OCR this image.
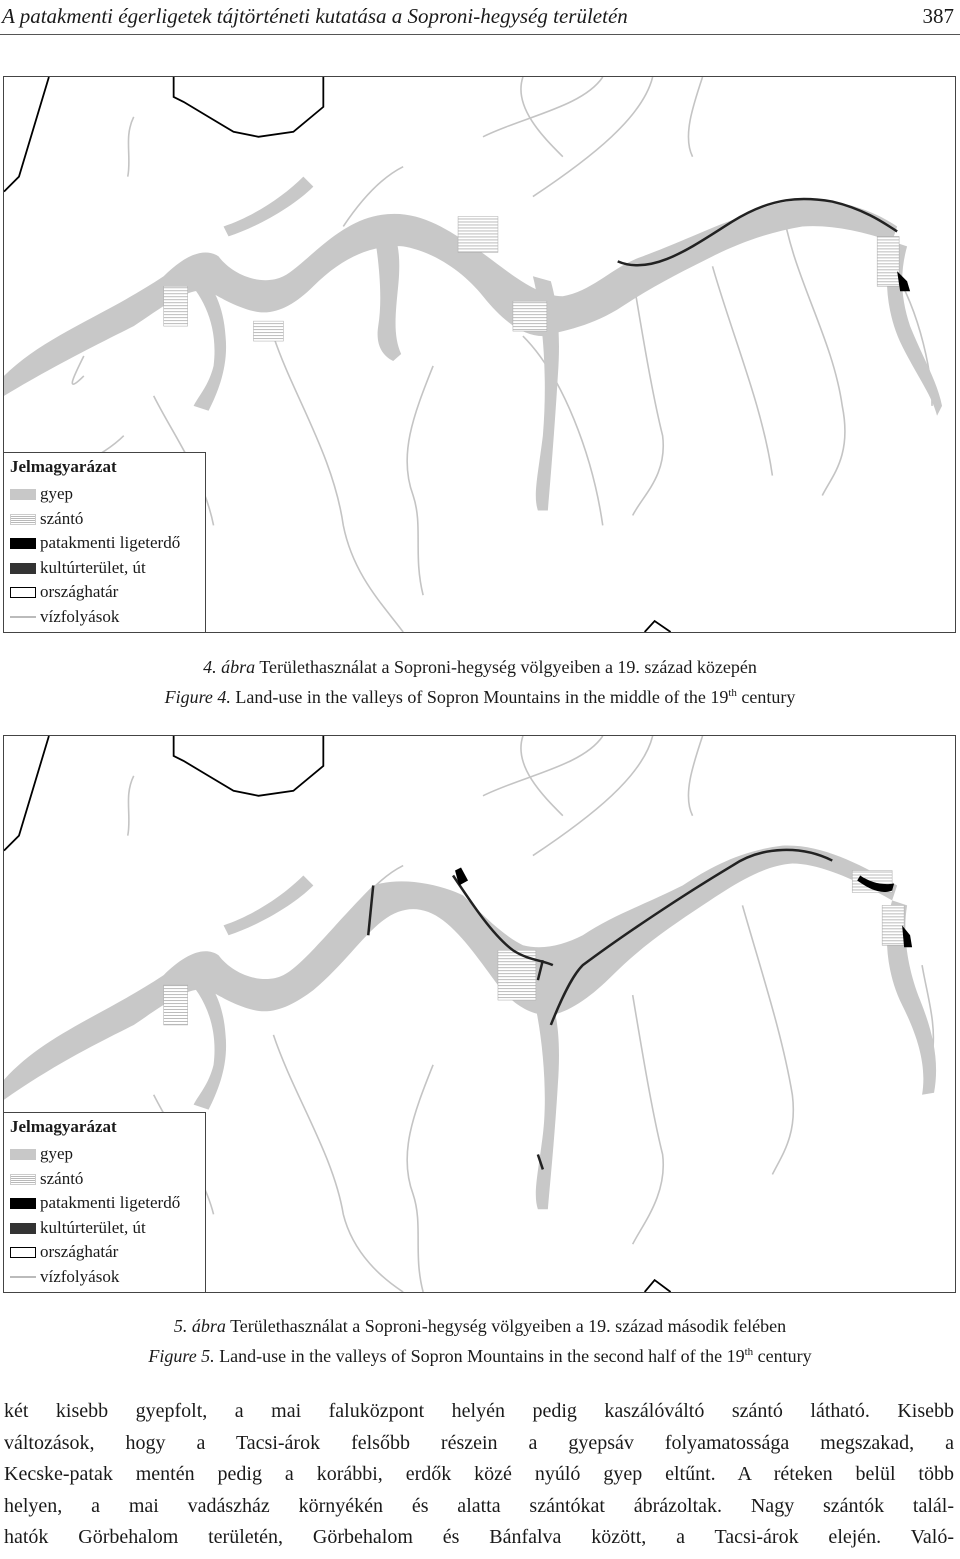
A patakmenti égerligetek tájtörténeti kutatása a Soproni-hegység területén	387
Jelmagyarázat
gyep
szántó
patakmenti ligeterdő
kultúrterület, út
országhatár
vízfolyások
4. ábra Területhasználat a Soproni-hegység völgyeiben a 19. század közepén
Figure 4. Land-use in the valleys of Sopron Mountains in the middle of the 19th century
Jelmagyarázat
gyep
szántó
patakmenti ligeterdő
kultúrterület, út
országhatár
vízfolyások
5. ábra Területhasználat a Soproni-hegység völgyeiben a 19. század második felében
Figure 5. Land-use in the valleys of Sopron Mountains in the second half of the 19th century
két kisebb gyepfolt, a mai faluközpont helyén pedig kaszálóváltó szántó látható. Kisebb
változások, hogy a Tacsi-árok felsőbb részein a gyepsáv folyamatossága megszakad, a
Kecske-patak mentén pedig a korábbi, erdők közé nyúló gyep eltűnt. A réteken belül több
helyen, a mai vadászház környékén és alatta szántókat ábrázoltak. Nagy szántók talál-
hatók Görbehalom területén, Görbehalom és Bánfalva között, a Tacsi-árok elején. Való-
